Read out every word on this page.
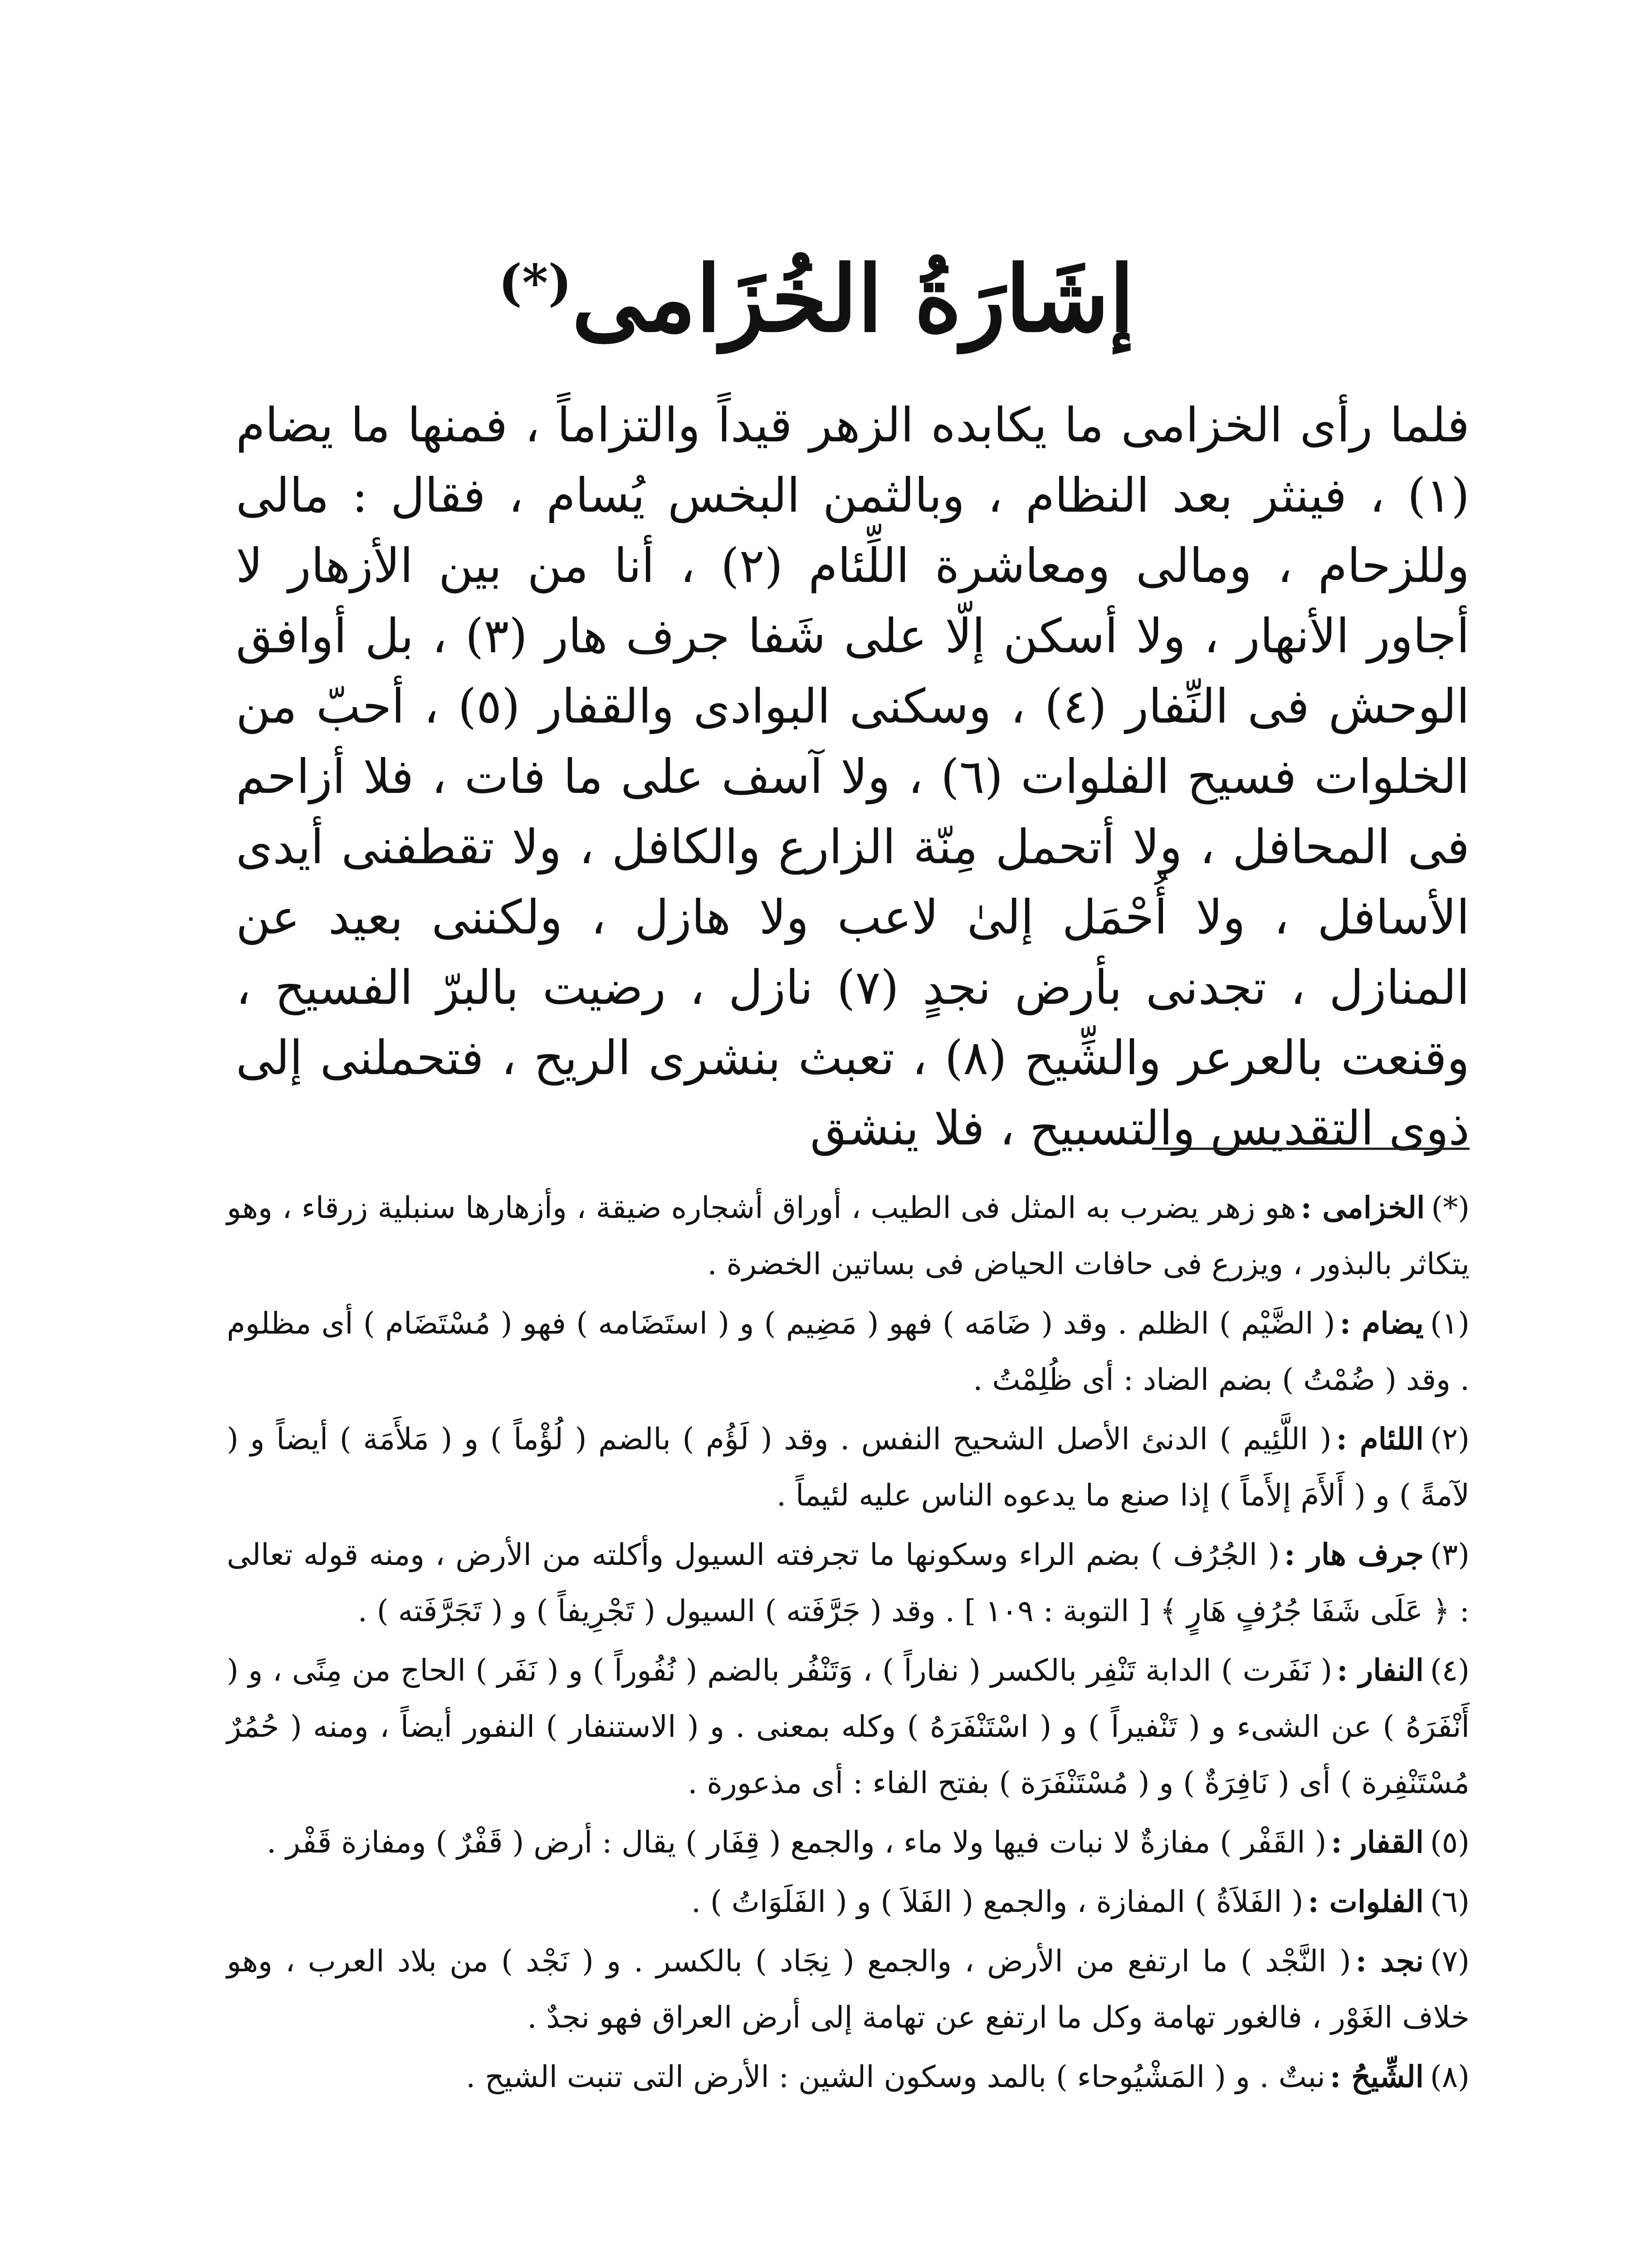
إشَارَةُ الخُزَامى(*)

فلما رأى الخزامى ما يكابده الزهر قيداً والتزاماً ، فمنها ما يضام (١) ، فينثر بعد النظام ، وبالثمن البخس يُسام ، فقال : مالى وللزحام ، ومالى ومعاشرة اللِّئام (٢) ، أنا من بين الأزهار لا أجاور الأنهار ، ولا أسكن إلّا على شَفا جرف هار (٣) ، بل أوافق الوحش فى النِّفار (٤) ، وسكنى البوادى والقفار (٥) ، أحبّ من الخلوات فسيح الفلوات (٦) ، ولا آسف على ما فات ، فلا أزاحم فى المحافل ، ولا أتحمل مِنّة الزارع والكافل ، ولا تقطفنى أيدى الأسافل ، ولا أُحْمَل إلىٰ لاعب ولا هازل ، ولكننى بعيد عن المنازل ، تجدنى بأرض نجدٍ (٧) نازل ، رضيت بالبرّ الفسيح ، وقنعت بالعرعر والشِّيح (٨) ، تعبث بنشرى الريح ، فتحملنى إلى ذوى التقديس والتسبيح ، فلا ينشق

(*)الخزامى :هو زهر يضرب به المثل فى الطيب ، أوراق أشجاره ضيقة ، وأزهارها سنبلية زرقاء ، وهو يتكاثر بالبذور ، ويزرع فى حافات الحياض فى بساتين الخضرة .

(١)يضام :( الضَّيْم ) الظلم . وقد ( ضَامَه ) فهو ( مَضِيم ) و ( استَضَامه ) فهو ( مُسْتَضَام ) أى مظلوم . وقد ( ضُمْتُ ) بضم الضاد : أى ظُلِمْتُ .

(٢)اللئام :( اللَّئِيم ) الدنئ الأصل الشحيح النفس . وقد ( لَؤُم ) بالضم ( لُؤْماً ) و ( مَلأَمَة ) أيضاً و ( لآمةً ) و ( أَلأَمَ إلأَماً ) إذا صنع ما يدعوه الناس عليه لئيماً .

(٣)جرف هار :( الجُرُف ) بضم الراء وسكونها ما تجرفته السيول وأكلته من الأرض ، ومنه قوله تعالى : ﴿ عَلَى شَفَا جُرُفٍ هَارٍ ﴾ [ التوبة : ١٠٩ ] . وقد ( جَرَّفَته ) السيول ( تَجْرِيفاً ) و ( تَجَرَّفَته ) .

(٤)النفار :( نَفَرت ) الدابة تَنْفِر بالكسر ( نفاراً ) ، وَتَنْفُر بالضم ( نُفُوراً ) و ( نَفَر ) الحاج من مِنًى ، و ( أَنْفَرَهُ ) عن الشىء و ( تَنْفيراً ) و ( اسْتَنْفَرَهُ ) وكله بمعنى . و ( الاستنفار ) النفور أيضاً ، ومنه ( حُمُرٌ مُسْتَنْفِرة ) أى ( نَافِرَةٌ ) و ( مُسْتَنْفَرَة ) بفتح الفاء : أى مذعورة .

(٥)القفار :( القَفْر ) مفازةٌ لا نبات فيها ولا ماء ، والجمع ( قِفَار ) يقال : أرض ( قَفْرٌ ) ومفازة قَفْر .

(٦)الفلوات :( الفَلاَةُ ) المفازة ، والجمع ( الفَلاَ ) و ( الفَلَوَاتُ ) .

(٧)نجد :( النَّجْد ) ما ارتفع من الأرض ، والجمع ( نِجَاد ) بالكسر . و ( نَجْد ) من بلاد العرب ، وهو خلاف الغَوْر ، فالغور تهامة وكل ما ارتفع عن تهامة إلى أرض العراق فهو نجدٌ .

(٨)الشِّيحُ :نبتٌ . و ( المَشْيُوحاء ) بالمد وسكون الشين : الأرض التى تنبت الشيح .
